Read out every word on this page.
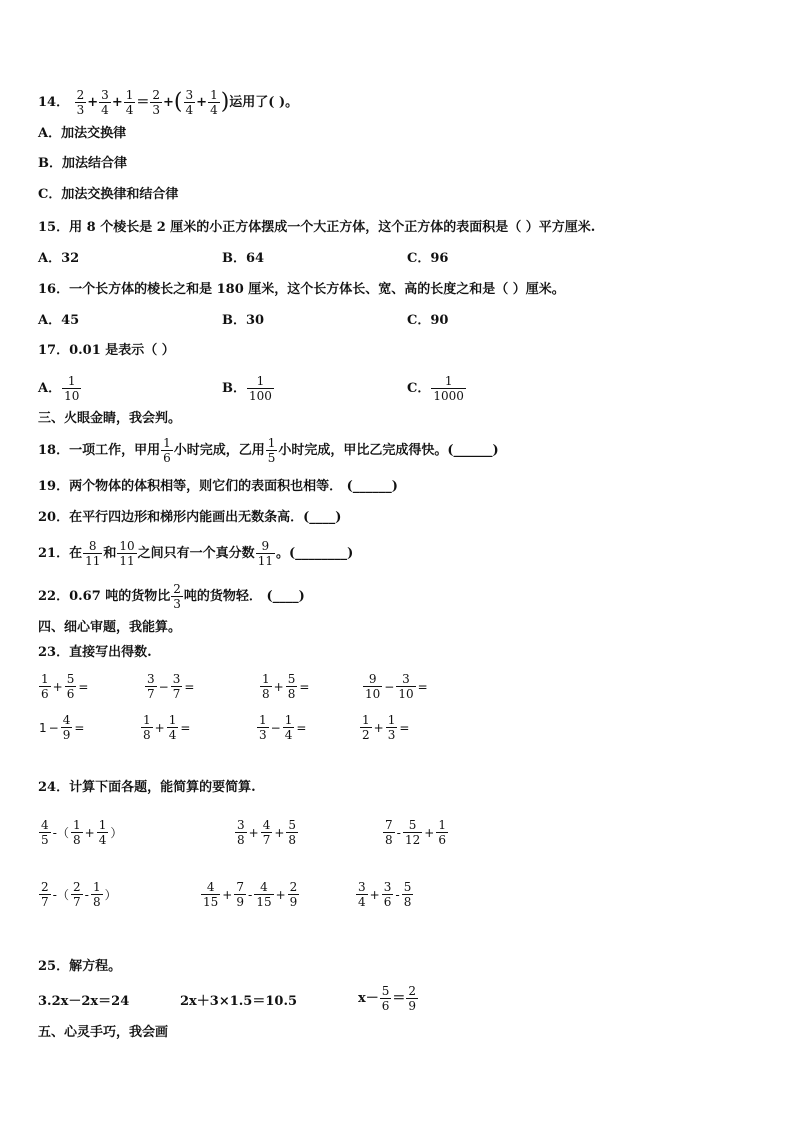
14． $\frac{2}{3} + \frac{3}{4} + \frac{1}{4} = \frac{2}{3}$ +( $\frac{3}{4} + \frac{1}{4}$ )运用了( )。
A．加法交换律
B．加法结合律
C．加法交换律和结合律
15．用 8 个棱长是 2 厘米的小正方体摆成一个大正方体，这个正方体的表面积是（ ）平方厘米.
A．32	B．64	C．96
16．一个长方体的棱长之和是 180 厘米，这个长方体长、宽、高的长度之和是（ ）厘米。
A．45	B．30	C．90
17．0.01 是表示（ ）
A． $\frac{1}{10}$	B． $\frac{1}{100}$	C． $\frac{1}{1000}$
三、火眼金睛，我会判。
18．一项工作，甲用 $\frac{1}{6}$ 小时完成，乙用 $\frac{1}{5}$ 小时完成，甲比乙完成得快。(______)
19．两个物体的体积相等，则它们的表面积也相等． (______)
20．在平行四边形和梯形内能画出无数条高．(____)
21．在 $\frac{8}{11}$ 和 $\frac{10}{11}$ 之间只有一个真分数 $\frac{9}{11}$ 。(________)
22．0.67 吨的货物比 $\frac{2}{3}$ 吨的货物轻． (____)
四、细心审题，我能算。
23．直接写出得数.
$\frac{1}{6} + \frac{5}{6}$ =	$\frac{3}{7} - \frac{3}{7}$ =	$\frac{1}{8} + \frac{5}{8}$ =	$\frac{9}{10} - \frac{3}{10}$ =
$1 - \frac{4}{9}$ =	$\frac{1}{8} + \frac{1}{4}$ =	$\frac{1}{3} - \frac{1}{4}$ =	$\frac{1}{2} + \frac{1}{3}$ =
24．计算下面各题，能简算的要简算.
$\frac{4}{5}$ -（ $\frac{1}{8} + \frac{1}{4}$ ）	$\frac{3}{8} + \frac{4}{7} + \frac{5}{8}$	$\frac{7}{8} - \frac{5}{12} + \frac{1}{6}$
$\frac{2}{7}$ -（ $\frac{2}{7} - \frac{1}{8}$ ）	$\frac{4}{15} + \frac{7}{9} - \frac{4}{15} + \frac{2}{9}$	$\frac{3}{4} + \frac{3}{6} - \frac{5}{8}$
25．解方程。
3.2x－2x＝24	2x＋3×1.5＝10.5	$x- \frac{5}{6} = \frac{2}{9}$
五、心灵手巧，我会画
